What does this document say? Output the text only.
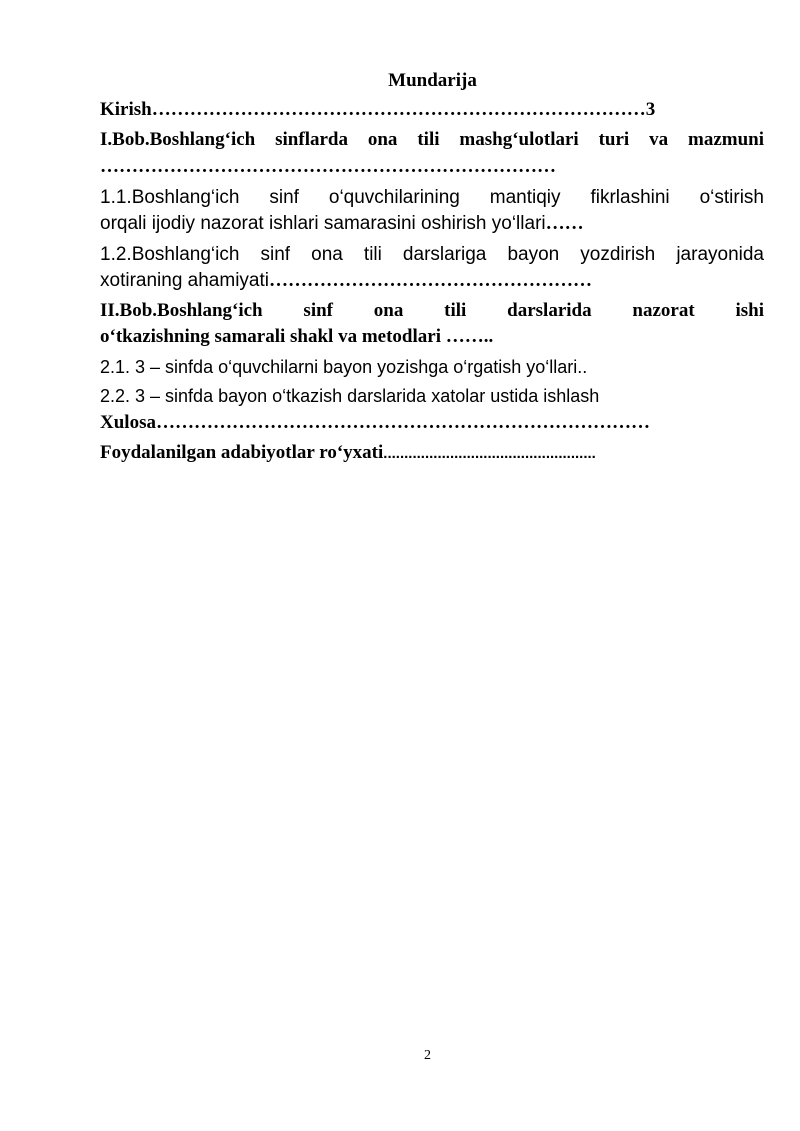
Mundarija
Kirish……………………………………………………………………3
I.Bob.Boshlang‘ich sinflarda ona tili mashg‘ulotlari turi va mazmuni
………………………………………………………………
1.1.Boshlang‘ich sinf o‘quvchilarining mantiqiy fikrlashini o‘stirish
orqali ijodiy nazorat ishlari samarasini oshirish yo‘llari……
1.2.Boshlang‘ich sinf ona tili darslariga bayon yozdirish jarayonida
xotiraning ahamiyati……………………………………………
II.Bob.Boshlang‘ich sinf ona tili darslarida nazorat ishi
o‘tkazishning samarali shakl va metodlari ……..
2.1. 3 – sinfda o‘quvchilarni bayon yozishga o‘rgatish yo‘llari..
2.2. 3 – sinfda bayon o‘tkazish darslarida xatolar ustida ishlash
Xulosa……………………………………………………………………
Foydalanilgan adabiyotlar ro‘yxati...................................................
2
